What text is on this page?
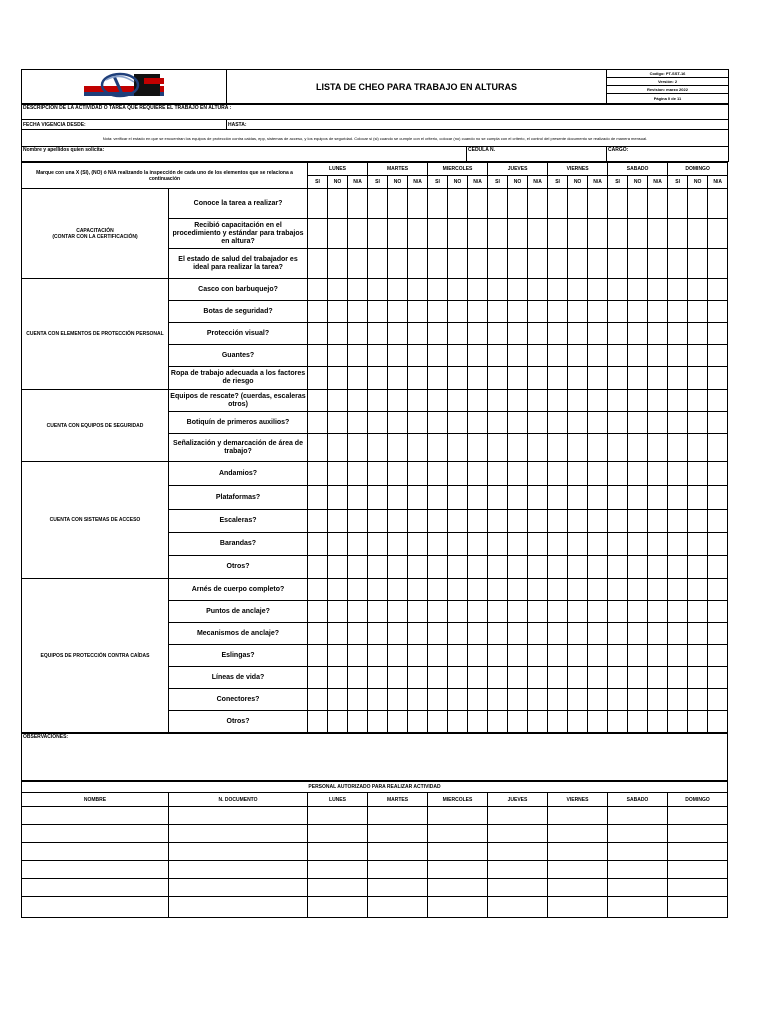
	LISTA DE CHEO PARA TRABAJO EN ALTURAS	Codigo: PT-SST-16
Versión: 2
Revision: marzo 2022
Página 0 de 11
DESCRIPCION DE LA ACTIVIDAD O TAREA QUE REQUIERE EL TRABAJO EN ALTURA :			
FECHA VIGENCIA DESDE:	HASTA:		
Nota: verificar el estado en que se encuentran los equipos de protección contra caidas, epp, sistemas de acceso, y los equipos de seguridad. Colocar si (si) cuando se cumple con el criterio, colocar (no) cuando no se cumpla con el criterio, el control del presente documento se realizado de manera mensual.			
Nombre y apellidos quien solicita:		CEDULA N.	CARGO:
Marque con una X (SI), (NO) ó N/A realizando la inspección de cada uno de los elementos que se relaciona a continuación		LUNES			MARTES			MIERCOLES			JUEVES			VIERNES			SABADO			DOMINGO		
		SI	NO	N/A	SI	NO	N/A	SI	NO	N/A	SI	NO	N/A	SI	NO	N/A	SI	NO	N/A	SI	NO	N/A
CAPACITACIÓN
(CONTAR CON LA CERTIFICACIÓN)	Conoce la tarea a realizar?																					
	Recibió capacitación en el procedimiento y estándar para trabajos en altura?																					
	El estado de salud del trabajador es ideal para realizar la tarea?																					
CUENTA CON ELEMENTOS DE PROTECCIÓN PERSONAL	Casco con barbuquejo?																					
	Botas de seguridad?																					
	Protección visual?																					
	Guantes?																					
	Ropa de trabajo adecuada a los factores de riesgo																					
CUENTA CON EQUIPOS DE SEGURIDAD	Equipos de rescate? (cuerdas, escaleras otros)																					
	Botiquín de primeros auxilios?																					
	Señalización y demarcación de área de trabajo?																					
CUENTA CON SISTEMAS DE ACCESO	Andamios?																					
	Plataformas?																					
	Escaleras?																					
	Barandas?																					
	Otros?																					
EQUIPOS DE PROTECCIÓN CONTRA CAÍDAS	Arnés de cuerpo completo?																					
	Puntos de anclaje?																					
	Mecanismos de anclaje?																					
	Eslingas?																					
	Líneas de vida?																					
	Conectores?																					
	Otros?																					
OBSERVACIONES:
PERSONAL AUTORIZADO PARA REALIZAR ACTIVIDAD								
NOMBRE	N. DOCUMENTO	LUNES	MARTES	MIERCOLES	JUEVES	VIERNES	SABADO	DOMINGO
